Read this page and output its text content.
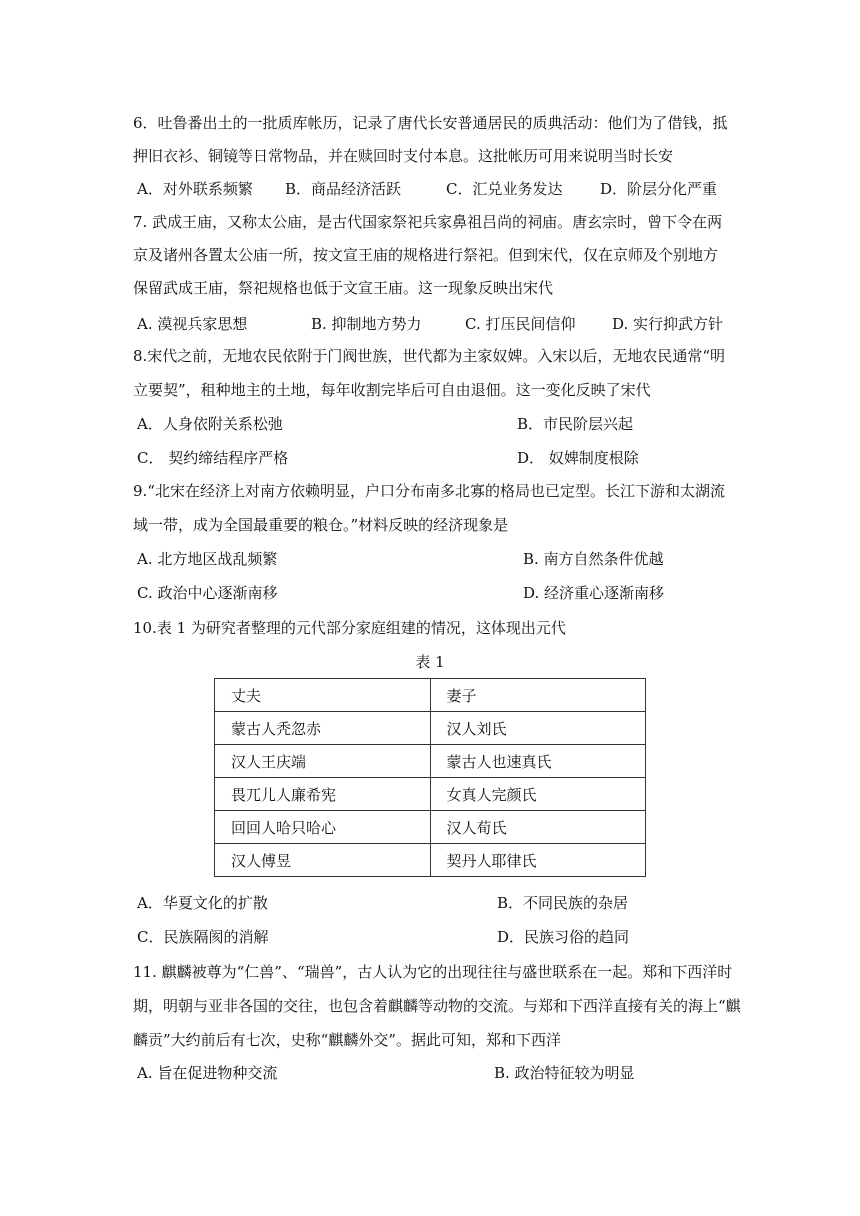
6．吐鲁番出土的一批质库帐历，记录了唐代长安普通居民的质典活动：他们为了借钱，抵
押旧衣衫、铜镜等日常物品，并在赎回时支付本息。这批帐历可用来说明当时长安
A．对外联系频繁 B．商品经济活跃	C．汇兑业务发达	D．阶层分化严重
7. 武成王庙，又称太公庙，是古代国家祭祀兵家鼻祖吕尚的祠庙。唐玄宗时，曾下令在两
京及诸州各置太公庙一所，按文宣王庙的规格进行祭祀。但到宋代，仅在京师及个别地方
保留武成王庙，祭祀规格也低于文宣王庙。这一现象反映出宋代
A. 漠视兵家思想	B. 抑制地方势力	C. 打压民间信仰 D. 实行抑武方针
8.宋代之前，无地农民依附于门阀世族，世代都为主家奴婢。入宋以后，无地农民通常“明
立要契”，租种地主的土地，每年收割完毕后可自由退佃。这一变化反映了宋代
A．人身依附关系松弛	B．市民阶层兴起
C． 契约缔结程序严格	D． 奴婢制度根除
9.“北宋在经济上对南方依赖明显，户口分布南多北寡的格局也已定型。长江下游和太湖流
域一带，成为全国最重要的粮仓。”材料反映的经济现象是
A. 北方地区战乱频繁	B. 南方自然条件优越
C. 政治中心逐渐南移	D. 经济重心逐渐南移
10.表 1 为研究者整理的元代部分家庭组建的情况，这体现出元代
表 1
丈夫	妻子
蒙古人秃忽赤	汉人刘氏
汉人王庆端	蒙古人也速真氏
畏兀儿人廉希宪	女真人完颜氏
回回人哈只哈心	汉人荀氏
汉人傅昱	契丹人耶律氏
A．华夏文化的扩散	B．不同民族的杂居
C．民族隔阂的消解	D．民族习俗的趋同
11. 麒麟被尊为“仁兽”、“瑞兽”，古人认为它的出现往往与盛世联系在一起。郑和下西洋时
期，明朝与亚非各国的交往，也包含着麒麟等动物的交流。与郑和下西洋直接有关的海上“麒
麟贡”大约前后有七次，史称“麒麟外交”。据此可知，郑和下西洋
A. 旨在促进物种交流	B. 政治特征较为明显
